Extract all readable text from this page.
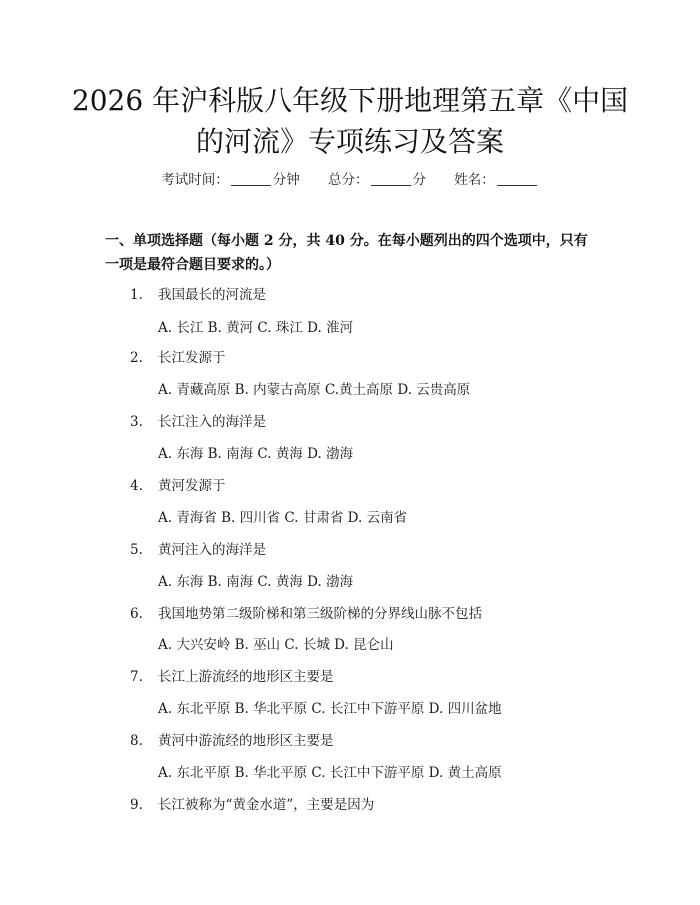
2026 年沪科版八年级下册地理第五章《中国的河流》专项练习及答案
考试时间：	分钟 总分：	分 姓名：

一、单项选择题（每小题 2 分，共 40 分。在每小题列出的四个选项中，只有一项是最符合题目要求的。）

1. 我国最长的河流是
A. 长江 B. 黄河 C. 珠江 D. 淮河
2. 长江发源于
A. 青藏高原 B. 内蒙古高原 C.黄土高原 D. 云贵高原
3. 长江注入的海洋是
A. 东海 B. 南海 C. 黄海 D. 渤海
4. 黄河发源于
A. 青海省 B. 四川省 C. 甘肃省 D. 云南省
5. 黄河注入的海洋是
A. 东海 B. 南海 C. 黄海 D. 渤海
6. 我国地势第二级阶梯和第三级阶梯的分界线山脉不包括
A. 大兴安岭 B. 巫山 C. 长城 D. 昆仑山
7. 长江上游流经的地形区主要是
A. 东北平原 B. 华北平原 C. 长江中下游平原 D. 四川盆地
8. 黄河中游流经的地形区主要是
A. 东北平原 B. 华北平原 C. 长江中下游平原 D. 黄土高原
9. 长江被称为“黄金水道”，主要是因为
